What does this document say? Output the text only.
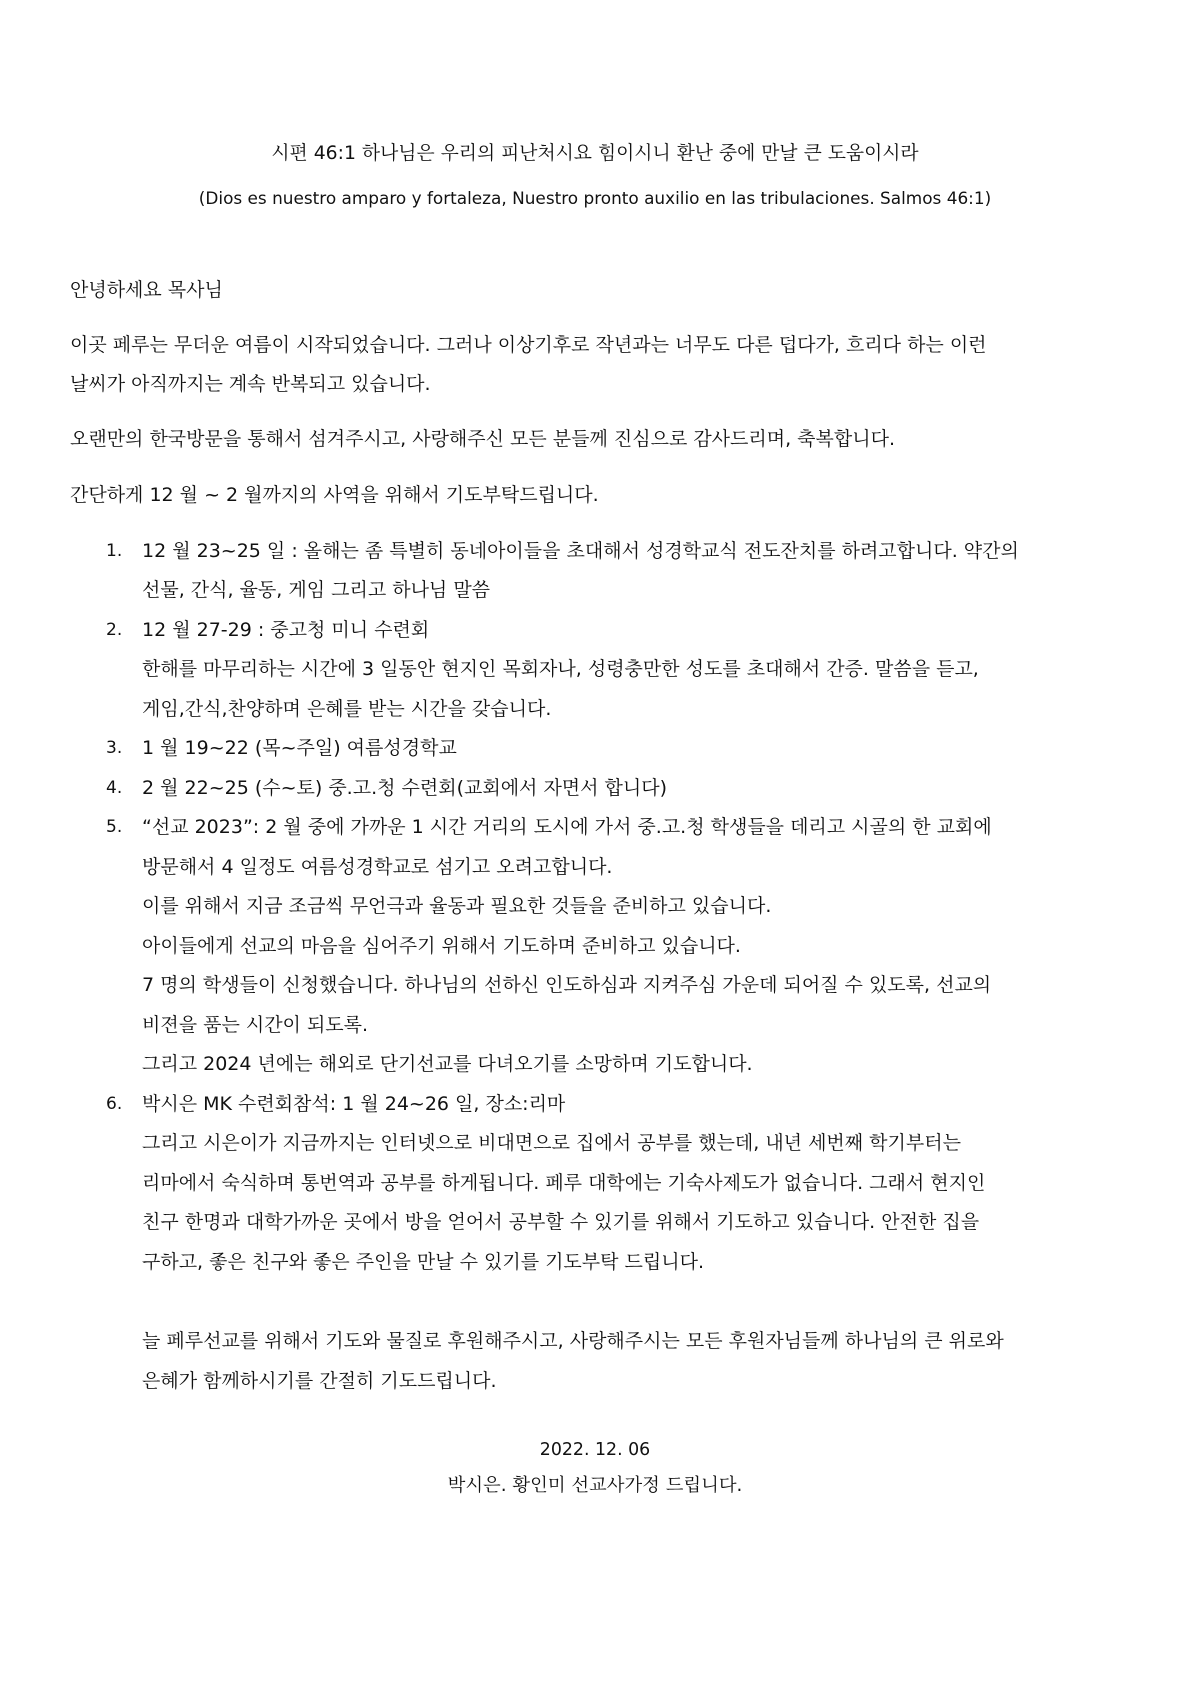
시편 46:1 하나님은 우리의 피난처시요 힘이시니 환난 중에 만날 큰 도움이시라
(Dios es nuestro amparo y fortaleza, Nuestro pronto auxilio en las tribulaciones. Salmos 46:1)
안녕하세요 목사님
이곳 페루는 무더운 여름이 시작되었습니다. 그러나 이상기후로 작년과는 너무도 다른 덥다가, 흐리다 하는 이런
날씨가 아직까지는 계속 반복되고 있습니다.
오랜만의 한국방문을 통해서 섬겨주시고, 사랑해주신 모든 분들께 진심으로 감사드리며, 축복합니다.
간단하게 12 월 ~ 2 월까지의 사역을 위해서 기도부탁드립니다.
1. 12 월 23~25 일 : 올해는 좀 특별히 동네아이들을 초대해서 성경학교식 전도잔치를 하려고합니다. 약간의
선물, 간식, 율동, 게임 그리고 하나님 말씀
2. 12 월 27-29 : 중고청 미니 수련회
한해를 마무리하는 시간에 3 일동안 현지인 목회자나, 성령충만한 성도를 초대해서 간증. 말씀을 듣고,
게임,간식,찬양하며 은혜를 받는 시간을 갖습니다.
3. 1 월 19~22 (목~주일) 여름성경학교
4. 2 월 22~25 (수~토) 중.고.청 수련회(교회에서 자면서 합니다)
5. “선교 2023”: 2 월 중에 가까운 1 시간 거리의 도시에 가서 중.고.청 학생들을 데리고 시골의 한 교회에
방문해서 4 일정도 여름성경학교로 섬기고 오려고합니다.
이를 위해서 지금 조금씩 무언극과 율동과 필요한 것들을 준비하고 있습니다.
아이들에게 선교의 마음을 심어주기 위해서 기도하며 준비하고 있습니다.
7 명의 학생들이 신청했습니다. 하나님의 선하신 인도하심과 지켜주심 가운데 되어질 수 있도록, 선교의
비젼을 품는 시간이 되도록.
그리고 2024 년에는 해외로 단기선교를 다녀오기를 소망하며 기도합니다.
6. 박시은 MK 수련회참석: 1 월 24~26 일, 장소:리마
그리고 시은이가 지금까지는 인터넷으로 비대면으로 집에서 공부를 했는데, 내년 세번째 학기부터는
리마에서 숙식하며 통번역과 공부를 하게됩니다. 페루 대학에는 기숙사제도가 없습니다. 그래서 현지인
친구 한명과 대학가까운 곳에서 방을 얻어서 공부할 수 있기를 위해서 기도하고 있습니다. 안전한 집을
구하고, 좋은 친구와 좋은 주인을 만날 수 있기를 기도부탁 드립니다.
늘 페루선교를 위해서 기도와 물질로 후원해주시고, 사랑해주시는 모든 후원자님들께 하나님의 큰 위로와
은혜가 함께하시기를 간절히 기도드립니다.
2022. 12. 06
박시은. 황인미 선교사가정 드립니다.
